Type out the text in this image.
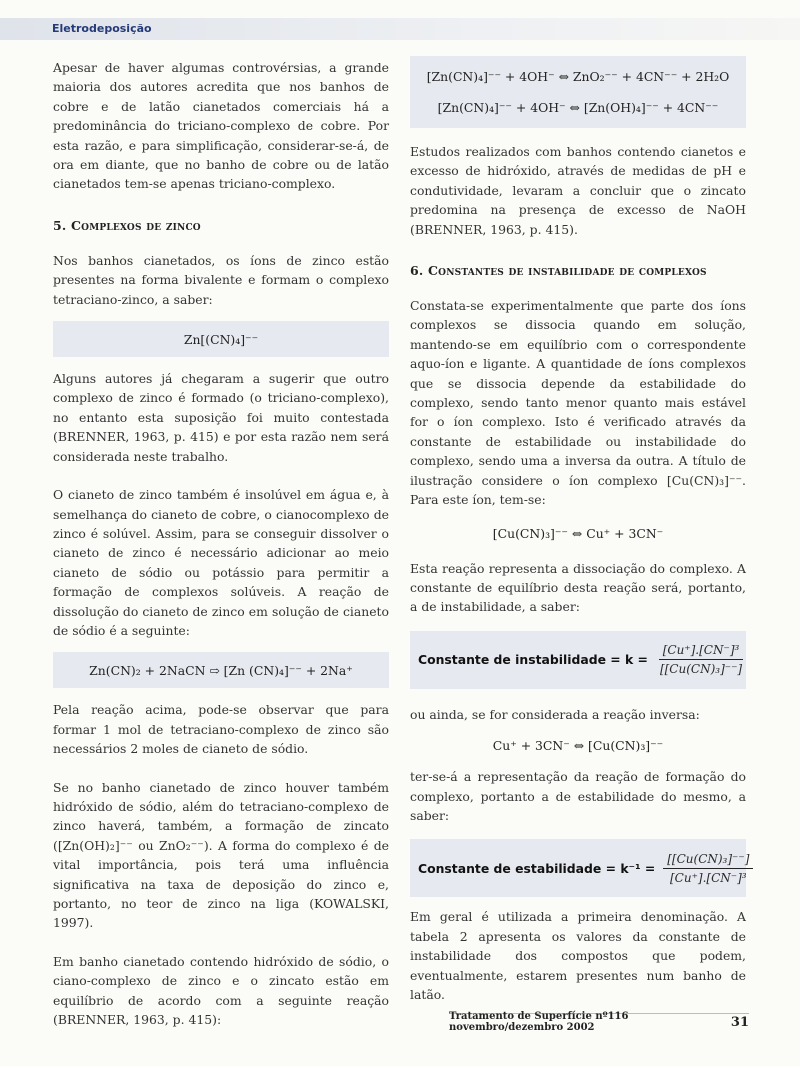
Eletrodeposição

Apesar de haver algumas controvérsias, a grande maioria dos autores acredita que nos banhos de cobre e de latão cianetados comerciais há a predominância do triciano-complexo de cobre. Por esta razão, e para simplificação, considerar-se-á, de ora em diante, que no banho de cobre ou de latão cianetados tem-se apenas triciano-complexo.

5. Complexos de zinco

Nos banhos cianetados, os íons de zinco estão presentes na forma bivalente e formam o complexo tetraciano-zinco, a saber:

Zn[(CN)₄]⁻⁻

Alguns autores já chegaram a sugerir que outro complexo de zinco é formado (o triciano-complexo), no entanto esta suposição foi muito contestada (BRENNER, 1963, p. 415) e por esta razão nem será considerada neste trabalho.

O cianeto de zinco também é insolúvel em água e, à semelhança do cianeto de cobre, o cianocomplexo de zinco é solúvel. Assim, para se conseguir dissolver o cianeto de zinco é necessário adicionar ao meio cianeto de sódio ou potássio para permitir a formação de complexos solúveis. A reação de dissolução do cianeto de zinco em solução de cianeto de sódio é a seguinte:

Zn(CN)₂ + 2NaCN ⇨ [Zn (CN)₄]⁻⁻ + 2Na⁺

Pela reação acima, pode-se observar que para formar 1 mol de tetraciano-complexo de zinco são necessários 2 moles de cianeto de sódio.

Se no banho cianetado de zinco houver também hidróxido de sódio, além do tetraciano-complexo de zinco haverá, também, a formação de zincato ([Zn(OH)₂]⁻⁻ ou ZnO₂⁻⁻). A forma do complexo é de vital importância, pois terá uma influência significativa na taxa de deposição do zinco e, portanto, no teor de zinco na liga (KOWALSKI, 1997).

Em banho cianetado contendo hidróxido de sódio, o ciano-complexo de zinco e o zincato estão em equilíbrio de acordo com a seguinte reação (BRENNER, 1963, p. 415):

[Zn(CN)₄]⁻⁻ + 4OH⁻ ⇔ ZnO₂⁻⁻ + 4CN⁻⁻ + 2H₂O
[Zn(CN)₄]⁻⁻ + 4OH⁻ ⇔ [Zn(OH)₄]⁻⁻ + 4CN⁻⁻

Estudos realizados com banhos contendo cianetos e excesso de hidróxido, através de medidas de pH e condutividade, levaram a concluir que o zincato predomina na presença de excesso de NaOH (BRENNER, 1963, p. 415).

6. Constantes de instabilidade de complexos

Constata-se experimentalmente que parte dos íons complexos se dissocia quando em solução, mantendo-se em equilíbrio com o correspondente aquo-íon e ligante. A quantidade de íons complexos que se dissocia depende da estabilidade do complexo, sendo tanto menor quanto mais estável for o íon complexo. Isto é verificado através da constante de estabilidade ou instabilidade do complexo, sendo uma a inversa da outra. A título de ilustração considere o íon complexo [Cu(CN)₃]⁻⁻. Para este íon, tem-se:

[Cu(CN)₃]⁻⁻ ⇔ Cu⁺ + 3CN⁻

Esta reação representa a dissociação do complexo. A constante de equilíbrio desta reação será, portanto, a de instabilidade, a saber:

Constante de instabilidade = $k = \frac{\text{[Cu⁺].[CN⁻]³}}{\text{[[Cu(CN)₃]⁻⁻]}}$

ou ainda, se for considerada a reação inversa:

Cu⁺ + 3CN⁻ ⇔ [Cu(CN)₃]⁻⁻

ter-se-á a representação da reação de formação do complexo, portanto a de estabilidade do mesmo, a saber:

Constante de estabilidade = $k^{-1} = \frac{\text{[[Cu(CN)₃]⁻⁻]}}{\text{[Cu⁺].[CN⁻]³}}$

Em geral é utilizada a primeira denominação. A tabela 2 apresenta os valores da constante de instabilidade dos compostos que podem, eventualmente, estarem presentes num banho de latão.

Tratamento de Superfície nº116 novembro/dezembro 2002	31
